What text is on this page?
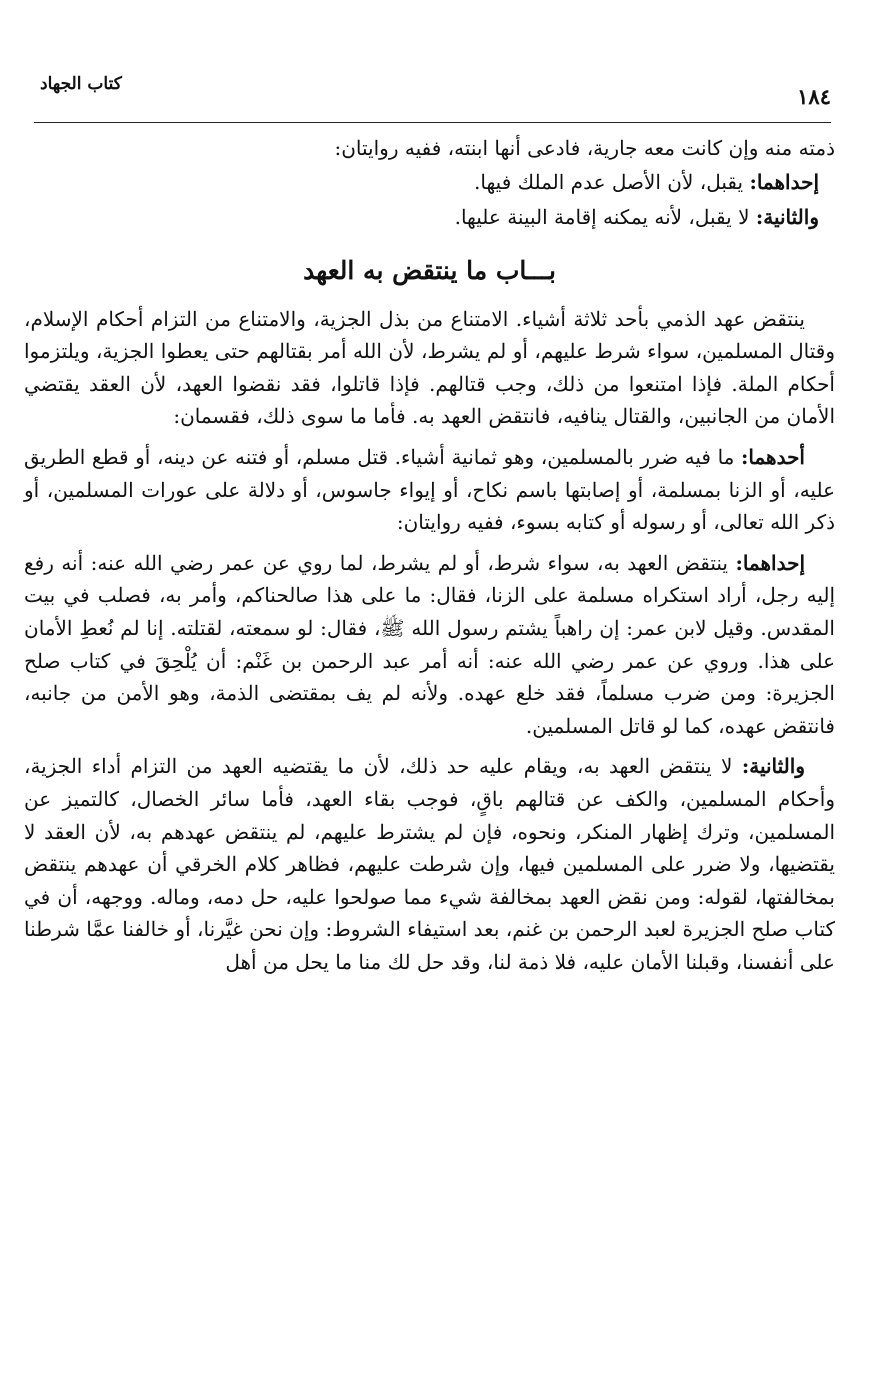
كتاب الجهاد	١٨٤

ذمته منه وإن كانت معه جارية، فادعى أنها ابنته، ففيه روايتان:

إحداهما: يقبل، لأن الأصل عدم الملك فيها.

والثانية: لا يقبل، لأنه يمكنه إقامة البينة عليها.

بـــاب ما ينتقض به العهد

ينتقض عهد الذمي بأحد ثلاثة أشياء. الامتناع من بذل الجزية، والامتناع من التزام أحكام الإسلام، وقتال المسلمين، سواء شرط عليهم، أو لم يشرط، لأن الله أمر بقتالهم حتى يعطوا الجزية، ويلتزموا أحكام الملة. فإذا امتنعوا من ذلك، وجب قتالهم. فإذا قاتلوا، فقد نقضوا العهد، لأن العقد يقتضي الأمان من الجانبين، والقتال ينافيه، فانتقض العهد به. فأما ما سوى ذلك، فقسمان:

أحدهما: ما فيه ضرر بالمسلمين، وهو ثمانية أشياء. قتل مسلم، أو فتنه عن دينه، أو قطع الطريق عليه، أو الزنا بمسلمة، أو إصابتها باسم نكاح، أو إيواء جاسوس، أو دلالة على عورات المسلمين، أو ذكر الله تعالى، أو رسوله أو كتابه بسوء، ففيه روايتان:

إحداهما: ينتقض العهد به، سواء شرط، أو لم يشرط، لما روي عن عمر رضي الله عنه: أنه رفع إليه رجل، أراد استكراه مسلمة على الزنا، فقال: ما على هذا صالحناكم، وأمر به، فصلب في بيت المقدس. وقيل لابن عمر: إن راهباً يشتم رسول الله ﷺ، فقال: لو سمعته، لقتلته. إنا لم نُعطِ الأمان على هذا. وروي عن عمر رضي الله عنه: أنه أمر عبد الرحمن بن غَنْم: أن يُلْحِقَ في كتاب صلح الجزيرة: ومن ضرب مسلماً، فقد خلع عهده. ولأنه لم يف بمقتضى الذمة، وهو الأمن من جانبه، فانتقض عهده، كما لو قاتل المسلمين.

والثانية: لا ينتقض العهد به، ويقام عليه حد ذلك، لأن ما يقتضيه العهد من التزام أداء الجزية، وأحكام المسلمين، والكف عن قتالهم باقٍ، فوجب بقاء العهد، فأما سائر الخصال، كالتميز عن المسلمين، وترك إظهار المنكر، ونحوه، فإن لم يشترط عليهم، لم ينتقض عهدهم به، لأن العقد لا يقتضيها، ولا ضرر على المسلمين فيها، وإن شرطت عليهم، فظاهر كلام الخرقي أن عهدهم ينتقض بمخالفتها، لقوله: ومن نقض العهد بمخالفة شيء مما صولحوا عليه، حل دمه، وماله. ووجهه، أن في كتاب صلح الجزيرة لعبد الرحمن بن غنم، بعد استيفاء الشروط: وإن نحن غيَّرنا، أو خالفنا عمَّا شرطنا على أنفسنا، وقبلنا الأمان عليه، فلا ذمة لنا، وقد حل لك منا ما يحل من أهل
